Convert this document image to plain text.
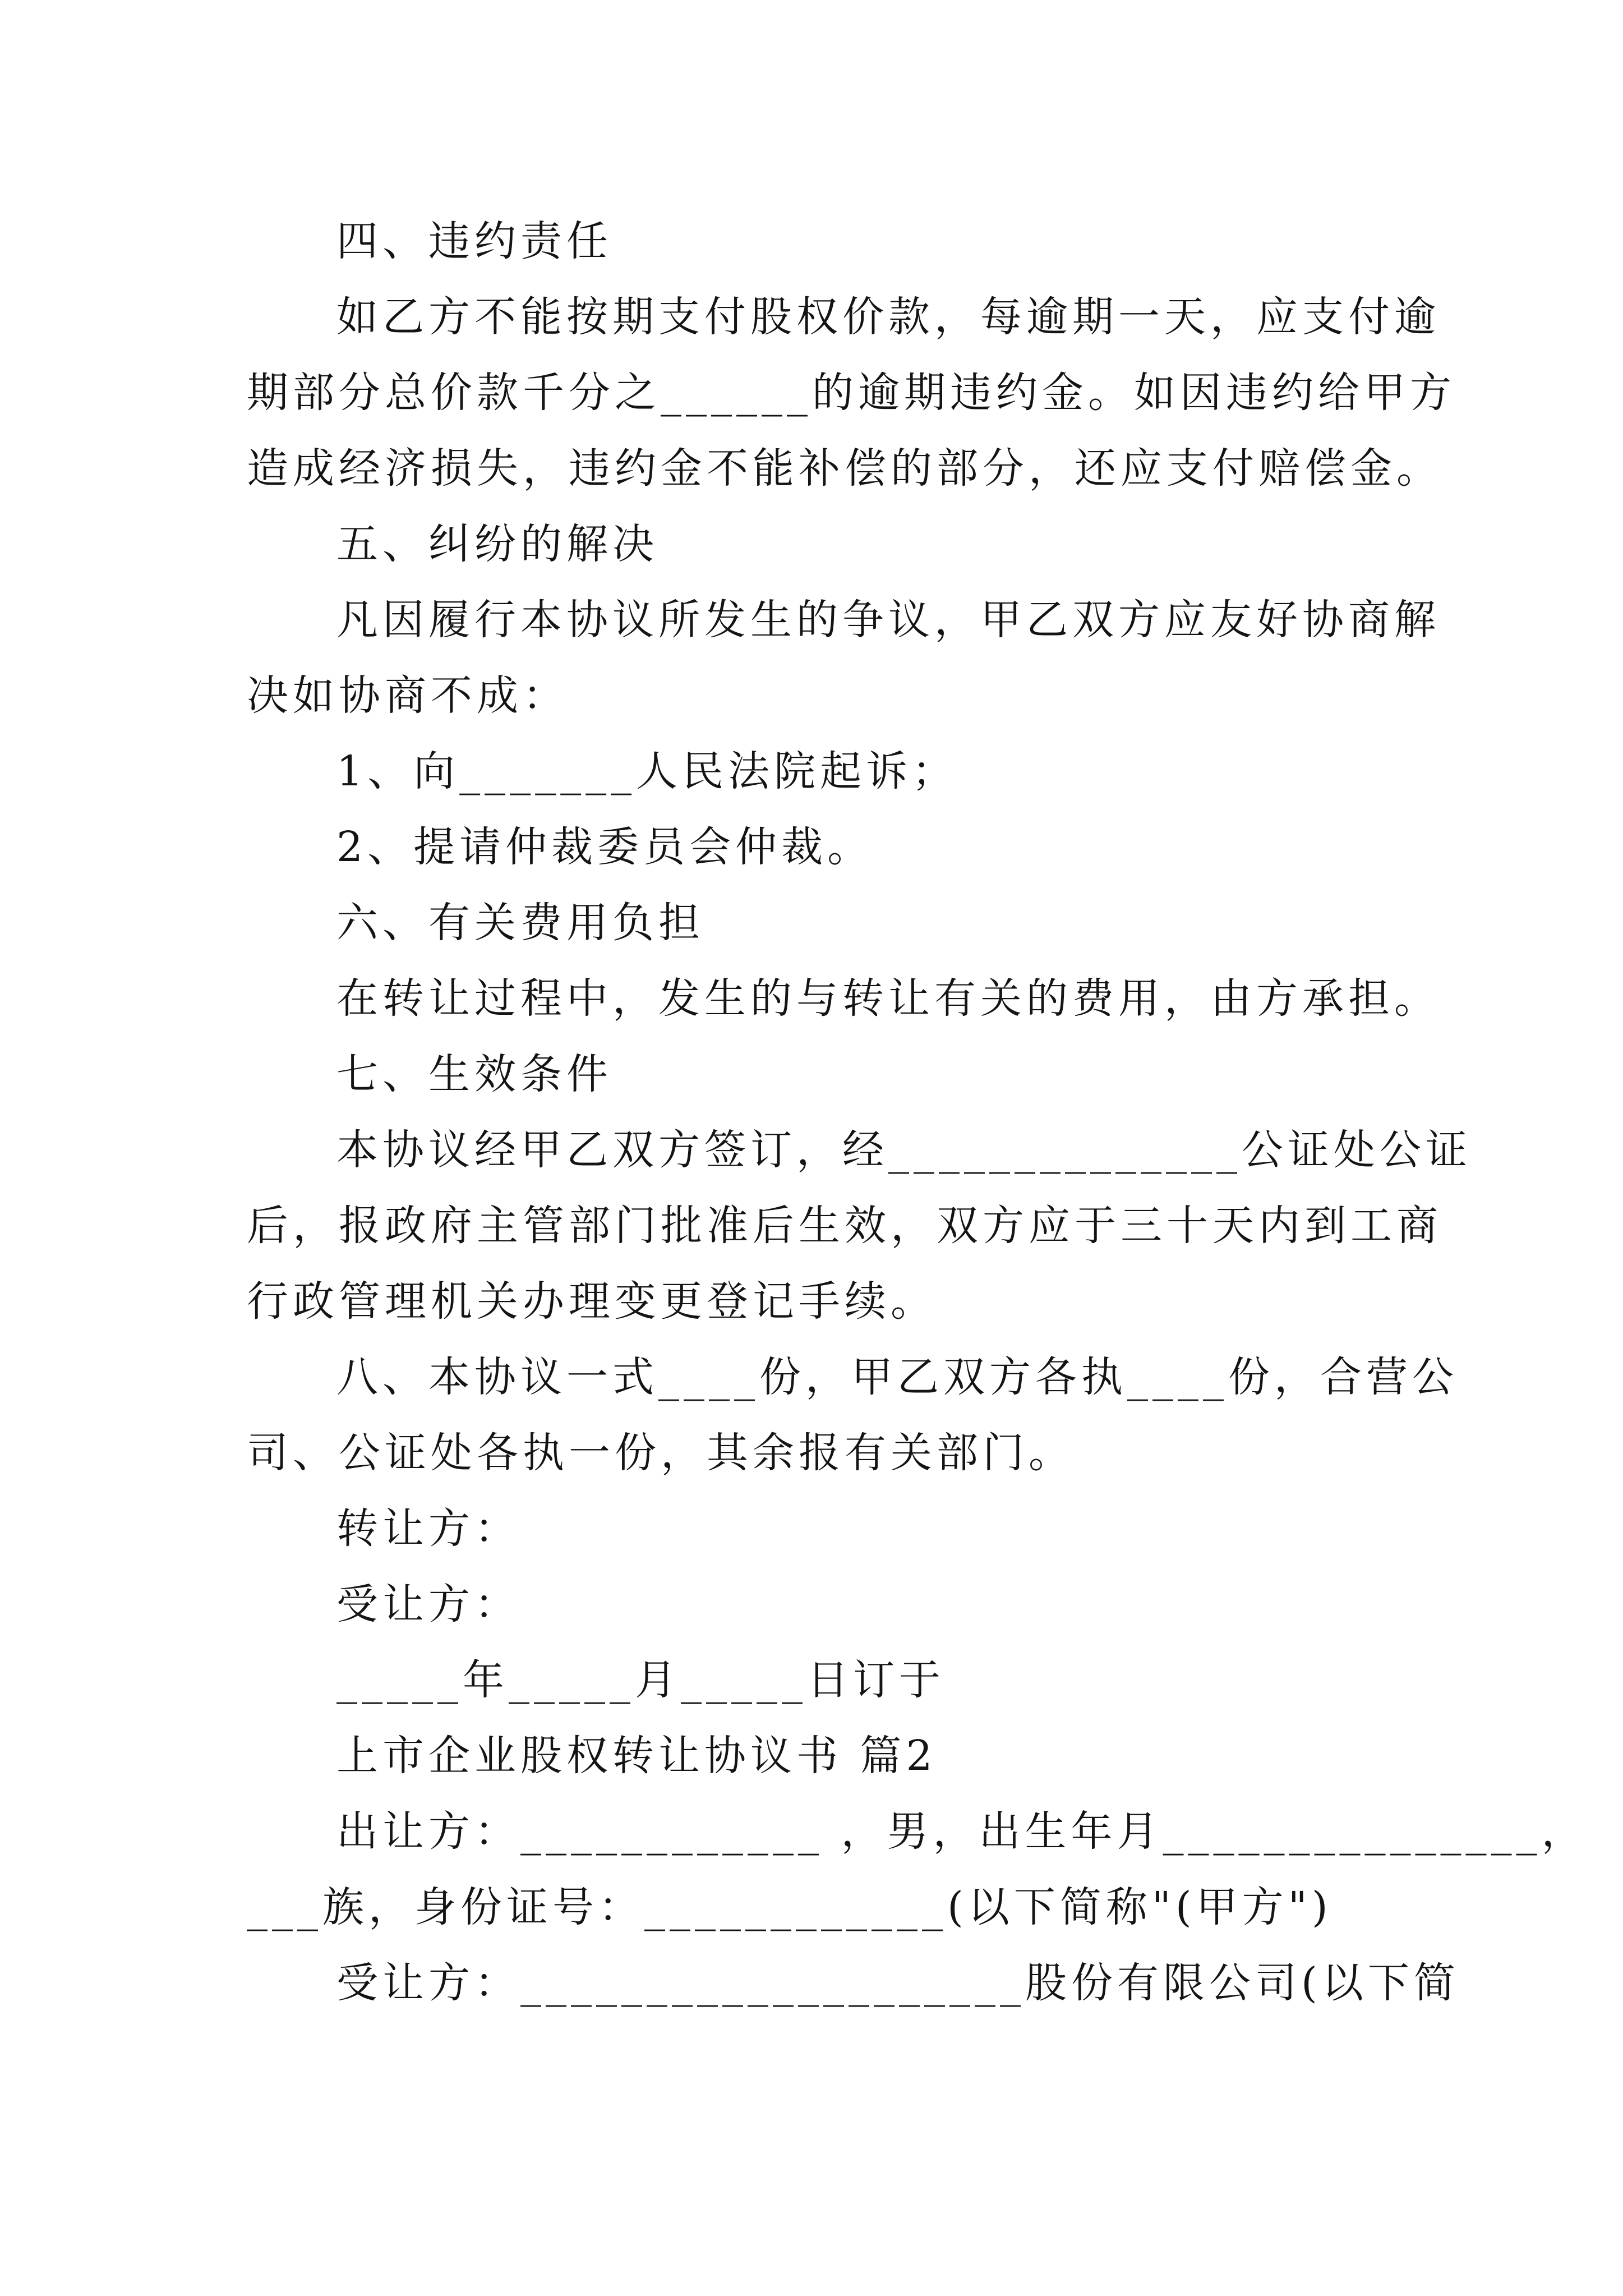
四、违约责任
如乙方不能按期支付股权价款，每逾期一天，应支付逾
期部分总价款千分之______的逾期违约金。如因违约给甲方
造成经济损失，违约金不能补偿的部分，还应支付赔偿金。
五、纠纷的解决
凡因履行本协议所发生的争议，甲乙双方应友好协商解
决如协商不成：
1、向_______人民法院起诉；
2、提请仲裁委员会仲裁。
六、有关费用负担
在转让过程中，发生的与转让有关的费用，由方承担。
七、生效条件
本协议经甲乙双方签订，经______________公证处公证
后，报政府主管部门批准后生效，双方应于三十天内到工商
行政管理机关办理变更登记手续。
八、本协议一式____份，甲乙双方各执____份，合营公
司、公证处各执一份，其余报有关部门。
转让方：
受让方：
_____年_____月_____日订于
上市企业股权转让协议书 篇2
出让方：____________ ，男，出生年月_______________，
___族，身份证号：____________(以下简称"(甲方")
受让方：____________________股份有限公司(以下简
